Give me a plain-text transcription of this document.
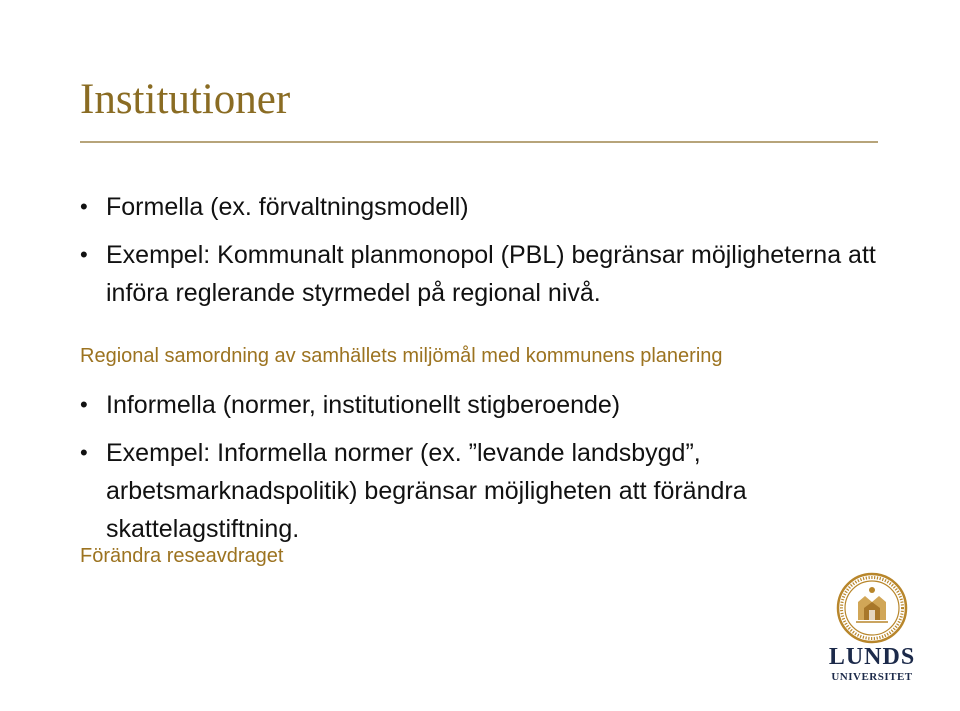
Institutioner
• Formella (ex. förvaltningsmodell)
• Exempel: Kommunalt planmonopol (PBL) begränsar möjligheterna att införa reglerande styrmedel på regional nivå.
Regional samordning av samhällets miljömål med kommunens planering
• Informella (normer, institutionellt stigberoende)
• Exempel: Informella normer (ex. ”levande landsbygd”, arbetsmarknadspolitik) begränsar möjligheten att förändra skattelagstiftning.
Förändra reseavdraget
LUNDS
UNIVERSITET
